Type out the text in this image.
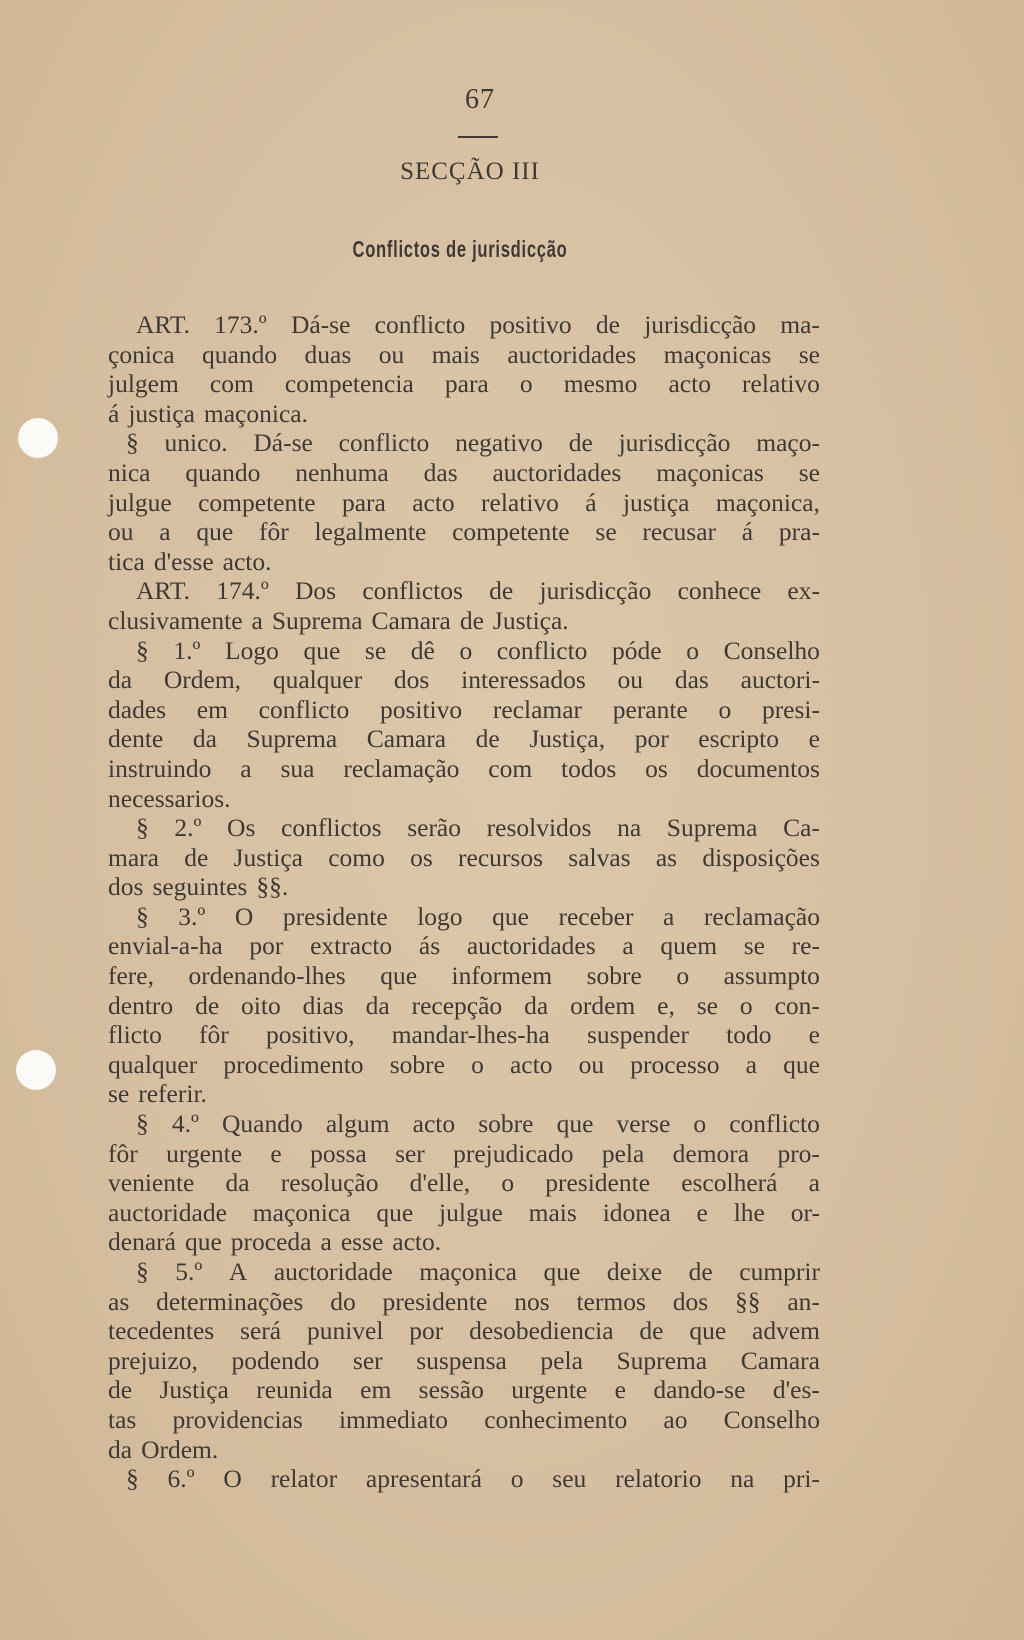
67
SECÇÃO III
Conflictos de jurisdicção
ART. 173.º Dá-se conflicto positivo de jurisdicção ma-
çonica quando duas ou mais auctoridades maçonicas se
julgem com competencia para o mesmo acto relativo
á justiça maçonica.
§ unico. Dá-se conflicto negativo de jurisdicção maço-
nica quando nenhuma das auctoridades maçonicas se
julgue competente para acto relativo á justiça maçonica,
ou a que fôr legalmente competente se recusar á pra-
tica d'esse acto.
ART. 174.º Dos conflictos de jurisdicção conhece ex-
clusivamente a Suprema Camara de Justiça.
§ 1.º Logo que se dê o conflicto póde o Conselho
da Ordem, qualquer dos interessados ou das auctori-
dades em conflicto positivo reclamar perante o presi-
dente da Suprema Camara de Justiça, por escripto e
instruindo a sua reclamação com todos os documentos
necessarios.
§ 2.º Os conflictos serão resolvidos na Suprema Ca-
mara de Justiça como os recursos salvas as disposições
dos seguintes §§.
§ 3.º O presidente logo que receber a reclamação
envial-a-ha por extracto ás auctoridades a quem se re-
fere, ordenando-lhes que informem sobre o assumpto
dentro de oito dias da recepção da ordem e, se o con-
flicto fôr positivo, mandar-lhes-ha suspender todo e
qualquer procedimento sobre o acto ou processo a que
se referir.
§ 4.º Quando algum acto sobre que verse o conflicto
fôr urgente e possa ser prejudicado pela demora pro-
veniente da resolução d'elle, o presidente escolherá a
auctoridade maçonica que julgue mais idonea e lhe or-
denará que proceda a esse acto.
§ 5.º A auctoridade maçonica que deixe de cumprir
as determinações do presidente nos termos dos §§ an-
tecedentes será punivel por desobediencia de que advem
prejuizo, podendo ser suspensa pela Suprema Camara
de Justiça reunida em sessão urgente e dando-se d'es-
tas providencias immediato conhecimento ao Conselho
da Ordem.
§ 6.º O relator apresentará o seu relatorio na pri-
